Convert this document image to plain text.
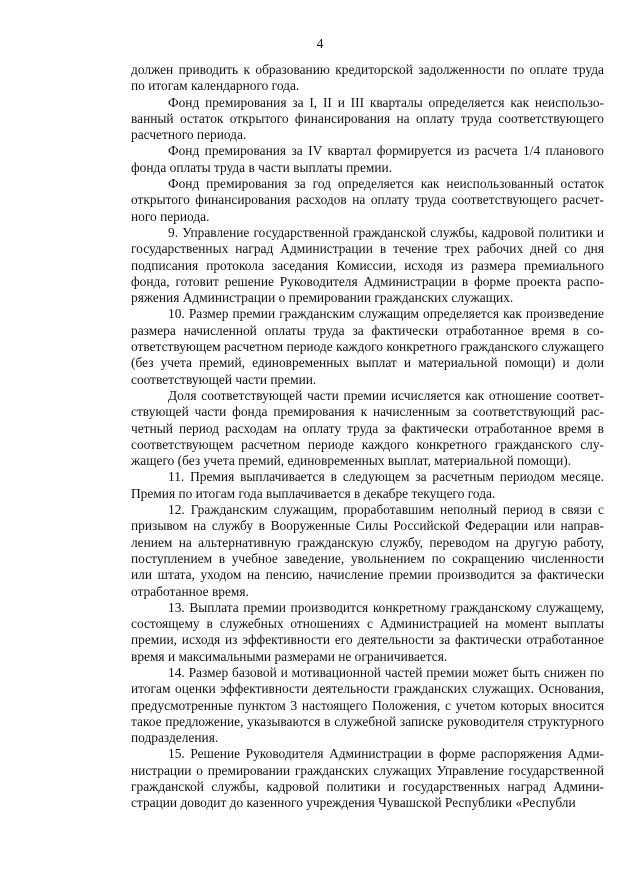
4

должен приводить к образованию кредиторской задолженности по оплате труда по итогам календарного года.

Фонд премирования за I, II и III кварталы определяется как неиспользованный остаток открытого финансирования на оплату труда соответствующего расчетного периода.

Фонд премирования за IV квартал формируется из расчета 1/4 планового фонда оплаты труда в части выплаты премии.

Фонд премирования за год определяется как неиспользованный остаток открытого финансирования расходов на оплату труда соответствующего расчетного периода.

9. Управление государственной гражданской службы, кадровой политики и государственных наград Администрации в течение трех рабочих дней со дня подписания протокола заседания Комиссии, исходя из размера премиального фонда, готовит решение Руководителя Администрации в форме проекта распоряжения Администрации о премировании гражданских служащих.

10. Размер премии гражданским служащим определяется как произведение размера начисленной оплаты труда за фактически отработанное время в соответствующем расчетном периоде каждого конкретного гражданского служащего (без учета премий, единовременных выплат и материальной помощи) и доли соответствующей части премии.

Доля соответствующей части премии исчисляется как отношение соответствующей части фонда премирования к начисленным за соответствующий расчетный период расходам на оплату труда за фактически отработанное время в соответствующем расчетном периоде каждого конкретного гражданского служащего (без учета премий, единовременных выплат, материальной помощи).

11. Премия выплачивается в следующем за расчетным периодом месяце. Премия по итогам года выплачивается в декабре текущего года.

12. Гражданским служащим, проработавшим неполный период в связи с призывом на службу в Вооруженные Силы Российской Федерации или направлением на альтернативную гражданскую службу, переводом на другую работу, поступлением в учебное заведение, увольнением по сокращению численности или штата, уходом на пенсию, начисление премии производится за фактически отработанное время.

13. Выплата премии производится конкретному гражданскому служащему, состоящему в служебных отношениях с Администрацией на момент выплаты премии, исходя из эффективности его деятельности за фактически отработанное время и максимальными размерами не ограничивается.

14. Размер базовой и мотивационной частей премии может быть снижен по итогам оценки эффективности деятельности гражданских служащих. Основания, предусмотренные пунктом 3 настоящего Положения, с учетом которых вносится такое предложение, указываются в служебной записке руководителя структурного подразделения.

15. Решение Руководителя Администрации в форме распоряжения Администрации о премировании гражданских служащих Управление государственной гражданской службы, кадровой политики и государственных наград Администрации доводит до казенного учреждения Чувашской Республики «Республи
